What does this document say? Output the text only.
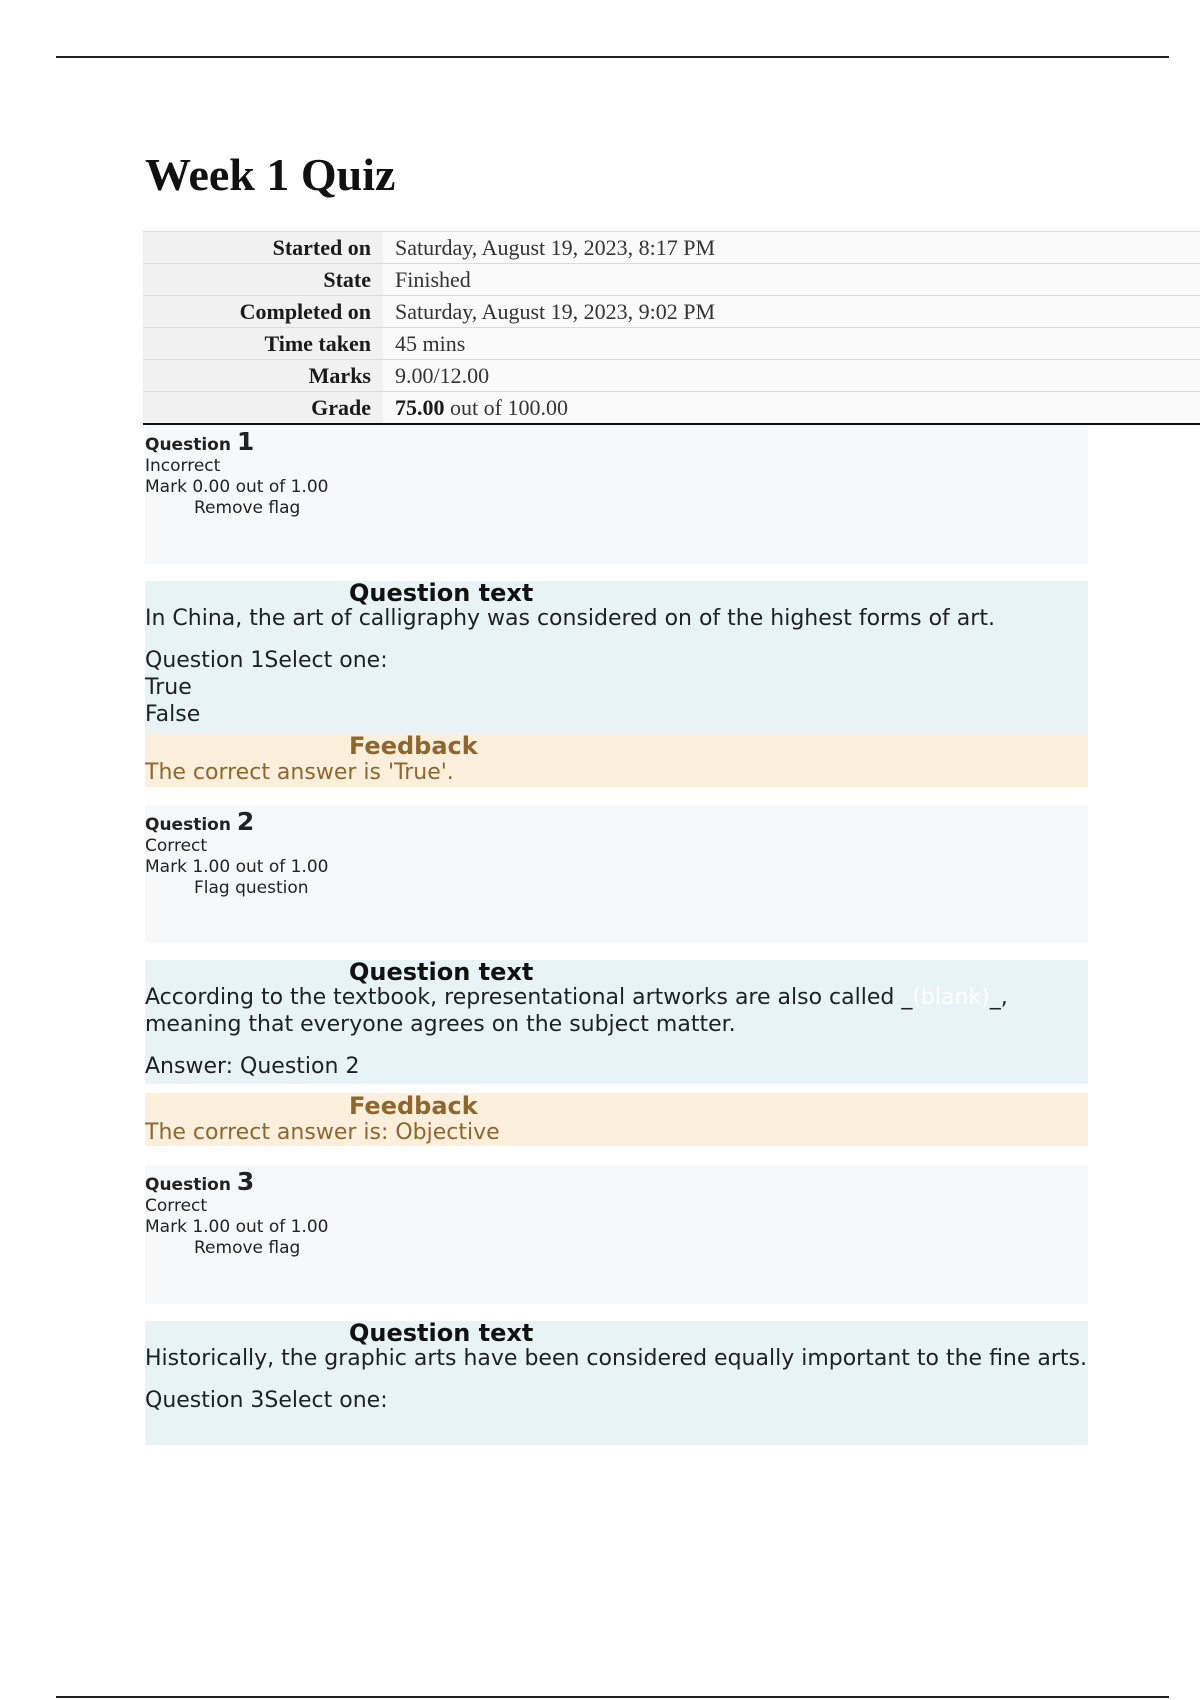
Week 1 Quiz
Started on	Saturday, August 19, 2023, 8:17 PM
State	Finished
Completed on	Saturday, August 19, 2023, 9:02 PM
Time taken	45 mins
Marks	9.00/12.00
Grade	75.00 out of 100.00
Question 1
Incorrect
Mark 0.00 out of 1.00
Remove flag
Question text
In China, the art of calligraphy was considered on of the highest forms of art.
Question 1Select one:
True
False
Feedback
The correct answer is 'True'.
Question 2
Correct
Mark 1.00 out of 1.00
Flag question
Question text
According to the textbook, representational artworks are also called _(blank)_, meaning that everyone agrees on the subject matter.
Answer: Question 2
Feedback
The correct answer is: Objective
Question 3
Correct
Mark 1.00 out of 1.00
Remove flag
Question text
Historically, the graphic arts have been considered equally important to the fine arts.
Question 3Select one:
